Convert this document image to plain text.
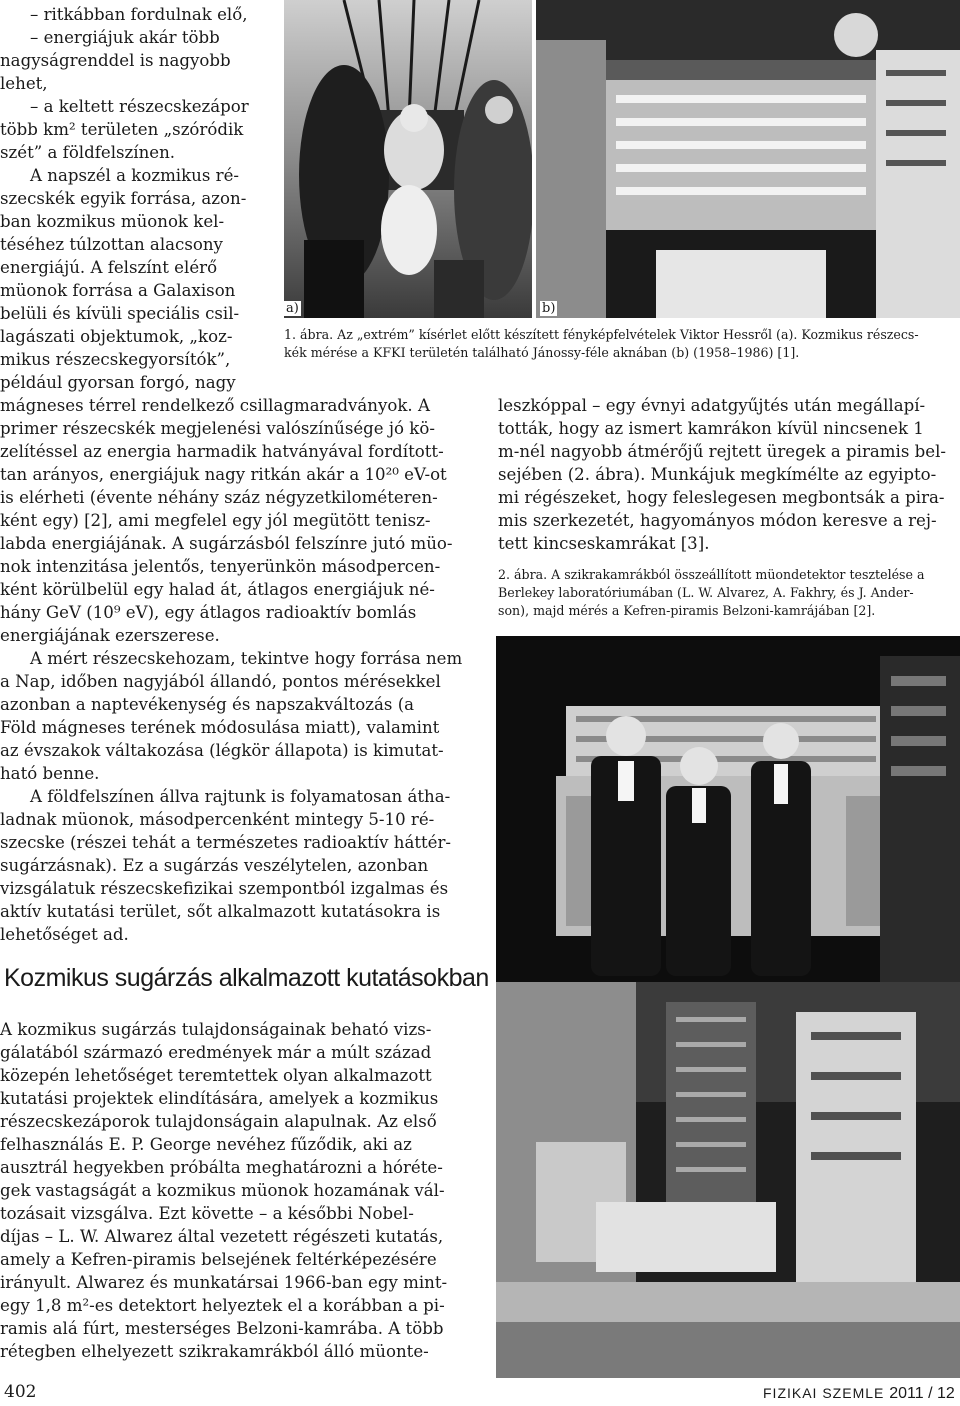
a)	b)
1. ábra. Az „extrém” kísérlet előtt készített fényképfelvételek Viktor Hessről (a). Kozmikus részecs-
kék mérése a KFKI területén található Jánossy-féle aknában (b) (1958–1986) [1].
– ritkábban fordulnak elő,
– energiájuk akár több
nagyságrenddel is nagyobb
lehet,
– a keltett részecskezápor
több km² területen „szóródik
szét” a földfelszínen.
A napszél a kozmikus ré-
szecskék egyik forrása, azon-
ban kozmikus müonok kel-
téséhez túlzottan alacsony
energiájú. A felszínt elérő
müonok forrása a Galaxison
belüli és kívüli speciális csil-
lagászati objektumok, „koz-
mikus részecskegyorsítók”,
például gyorsan forgó, nagy
mágneses térrel rendelkező csillagmaradványok. A
primer részecskék megjelenési valószínűsége jó kö-
zelítéssel az energia harmadik hatványával fordított-
tan arányos, energiájuk nagy ritkán akár a 10²⁰ eV-ot
is elérheti (évente néhány száz négyzetkilométeren-
ként egy) [2], ami megfelel egy jól megütött tenisz-
labda energiájának. A sugárzásból felszínre jutó müo-
nok intenzitása jelentős, tenyerünkön másodpercen-
ként körülbelül egy halad át, átlagos energiájuk né-
hány GeV (10⁹ eV), egy átlagos radioaktív bomlás
energiájának ezerszerese.
A mért részecskehozam, tekintve hogy forrása nem
a Nap, időben nagyjából állandó, pontos mérésekkel
azonban a naptevékenység és napszakváltozás (a
Föld mágneses terének módosulása miatt), valamint
az évszakok váltakozása (légkör állapota) is kimutat-
ható benne.
A földfelszínen állva rajtunk is folyamatosan átha-
ladnak müonok, másodpercenként mintegy 5-10 ré-
szecske (részei tehát a természetes radioaktív háttér-
sugárzásnak). Ez a sugárzás veszélytelen, azonban
vizsgálatuk részecskefizikai szempontból izgalmas és
aktív kutatási terület, sőt alkalmazott kutatásokra is
lehetőséget ad.
Kozmikus sugárzás alkalmazott kutatásokban
A kozmikus sugárzás tulajdonságainak beható vizs-
gálatából származó eredmények már a múlt század
közepén lehetőséget teremtettek olyan alkalmazott
kutatási projektek elindítására, amelyek a kozmikus
részecskezáporok tulajdonságain alapulnak. Az első
felhasználás E. P. George nevéhez fűződik, aki az
ausztrál hegyekben próbálta meghatározni a hóréte-
gek vastagságát a kozmikus müonok hozamának vál-
tozásait vizsgálva. Ezt követte – a későbbi Nobel-
díjas – L. W. Alwarez által vezetett régészeti kutatás,
amely a Kefren-piramis belsejének feltérképezésére
irányult. Alwarez és munkatársai 1966-ban egy mint-
egy 1,8 m²-es detektort helyeztek el a korábban a pi-
ramis alá fúrt, mesterséges Belzoni-kamrába. A több
rétegben elhelyezett szikrakamrákból álló müonte-
leszkóppal – egy évnyi adatgyűjtés után megállapí-
tották, hogy az ismert kamrákon kívül nincsenek 1
m-nél nagyobb átmérőjű rejtett üregek a piramis bel-
sejében (2. ábra). Munkájuk megkímélte az egyipto-
mi régészeket, hogy feleslegesen megbontsák a pira-
mis szerkezetét, hagyományos módon keresve a rej-
tett kincseskamrákat [3].
2. ábra. A szikrakamrákból összeállított müondetektor tesztelése a
Berlekey laboratóriumában (L. W. Alvarez, A. Fakhry, és J. Ander-
son), majd mérés a Kefren-piramis Belzoni-kamrájában [2].
402	FIZIKAI SZEMLE 2011 / 12
